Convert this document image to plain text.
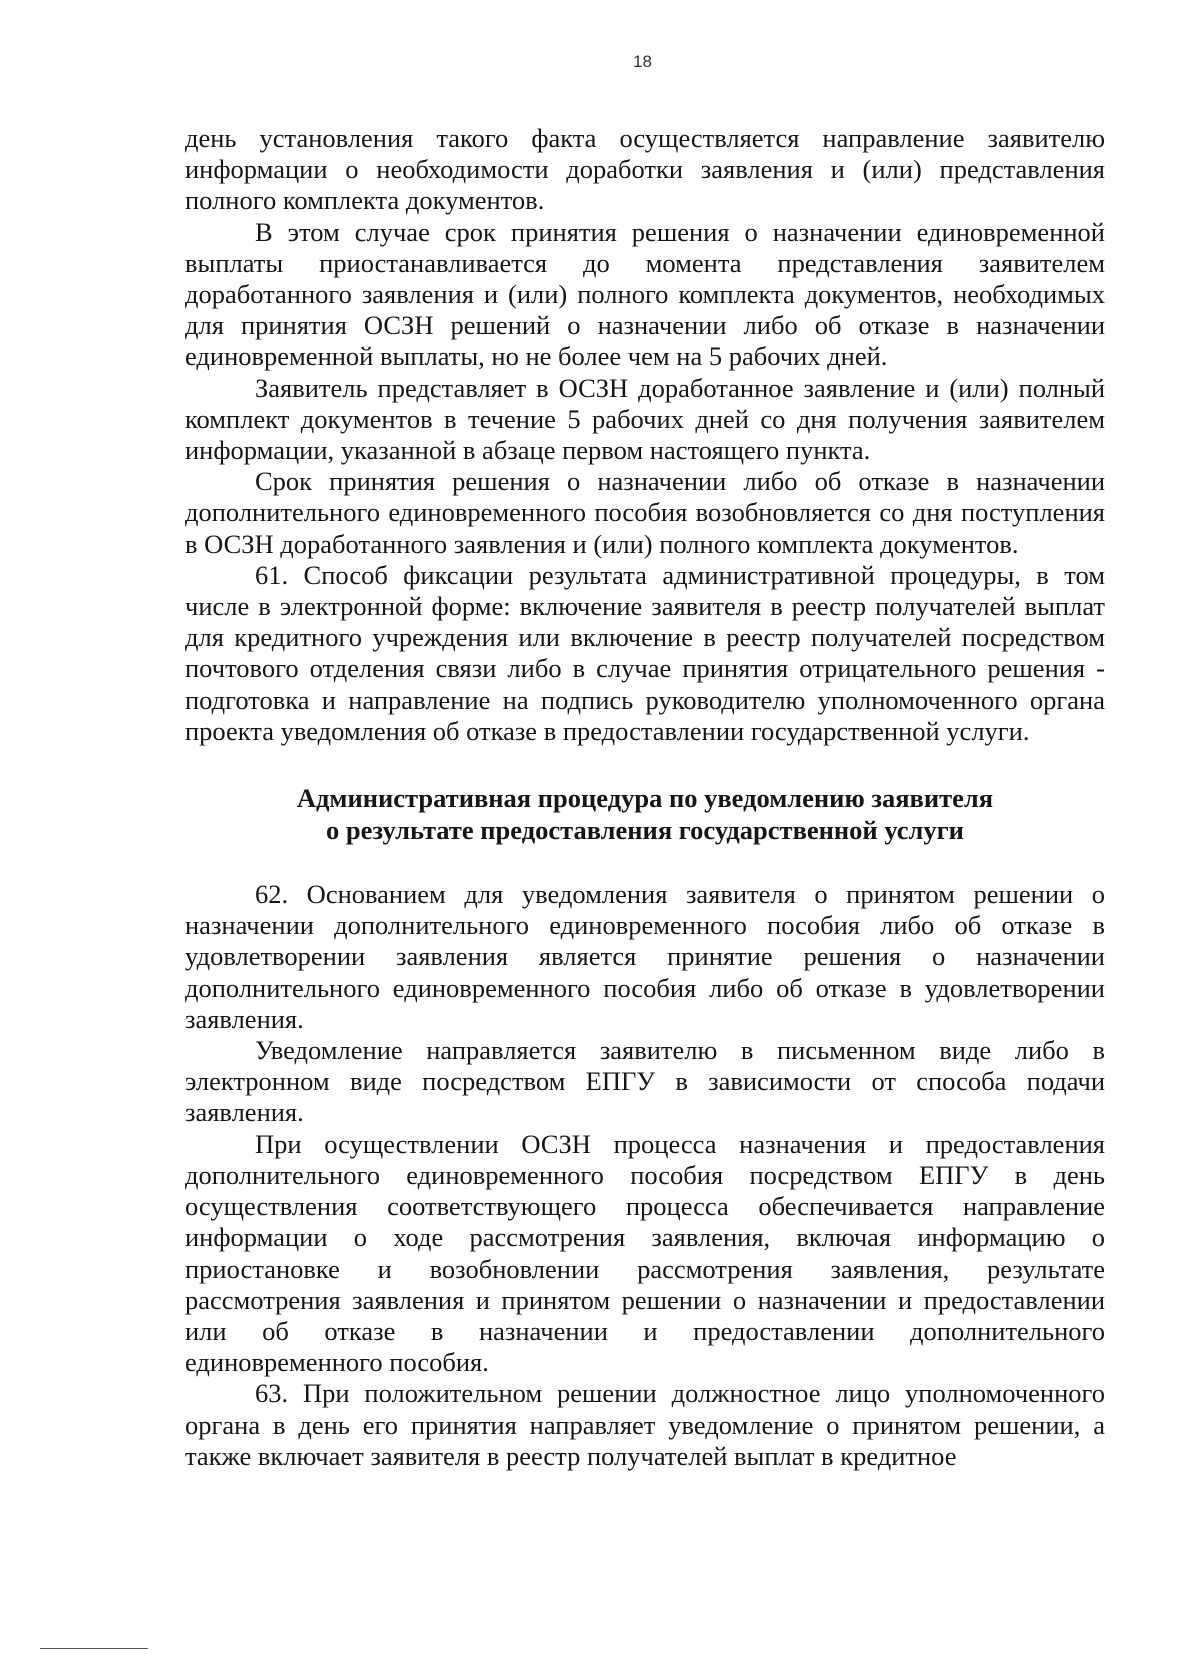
18

день установления такого факта осуществляется направление заявителю информации о необходимости доработки заявления и (или) представления полного комплекта документов.

В этом случае срок принятия решения о назначении единовременной выплаты приостанавливается до момента представления заявителем доработанного заявления и (или) полного комплекта документов, необходимых для принятия ОСЗН решений о назначении либо об отказе в назначении единовременной выплаты, но не более чем на 5 рабочих дней.

Заявитель представляет в ОСЗН доработанное заявление и (или) полный комплект документов в течение 5 рабочих дней со дня получения заявителем информации, указанной в абзаце первом настоящего пункта.

Срок принятия решения о назначении либо об отказе в назначении дополнительного единовременного пособия возобновляется со дня поступления в ОСЗН доработанного заявления и (или) полного комплекта документов.

61. Способ фиксации результата административной процедуры, в том числе в электронной форме: включение заявителя в реестр получателей выплат для кредитного учреждения или включение в реестр получателей посредством почтового отделения связи либо в случае принятия отрицательного решения - подготовка и направление на подпись руководителю уполномоченного органа проекта уведомления об отказе в предоставлении государственной услуги.

Административная процедура по уведомлению заявителя
о результате предоставления государственной услуги

62. Основанием для уведомления заявителя о принятом решении о назначении дополнительного единовременного пособия либо об отказе в удовлетворении заявления является принятие решения о назначении дополнительного единовременного пособия либо об отказе в удовлетворении заявления.

Уведомление направляется заявителю в письменном виде либо в электронном виде посредством ЕПГУ в зависимости от способа подачи заявления.

При осуществлении ОСЗН процесса назначения и предоставления дополнительного единовременного пособия посредством ЕПГУ в день осуществления соответствующего процесса обеспечивается направление информации о ходе рассмотрения заявления, включая информацию о приостановке и возобновлении рассмотрения заявления, результате рассмотрения заявления и принятом решении о назначении и предоставлении или об отказе в назначении и предоставлении дополнительного единовременного пособия.

63. При положительном решении должностное лицо уполномоченного органа в день его принятия направляет уведомление о принятом решении, а также включает заявителя в реестр получателей выплат в кредитное
